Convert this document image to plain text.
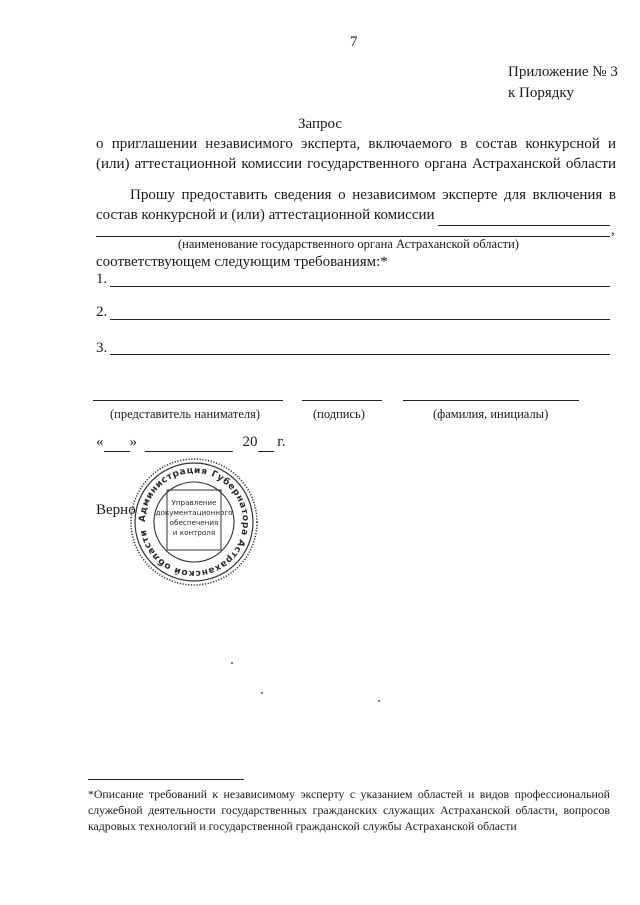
7
Приложение № 3
к Порядку
Запрос
о приглашении независимого эксперта, включаемого в состав конкурсной и
(или) аттестационной комиссии государственного органа Астраханской области
Прошу предоставить сведения о независимом эксперте для включения в
состав конкурсной и (или) аттестационной комиссии
,
(наименование государственного органа Астраханской области)
соответствующем следующим требованиям:*
1.
2.
3.
(представитель нанимателя)	(подпись)	(фамилия, инициалы)
« »	20 г.
Верно
Администрация Губернатора Астраханской области
Управление
документационного
обеспечения
и контроля
*Описание требований к независимому эксперту с указанием областей и видов профессиональной служебной деятельности государственных гражданских служащих Астраханской области, вопросов кадровых технологий и государственной гражданской службы Астраханской области
